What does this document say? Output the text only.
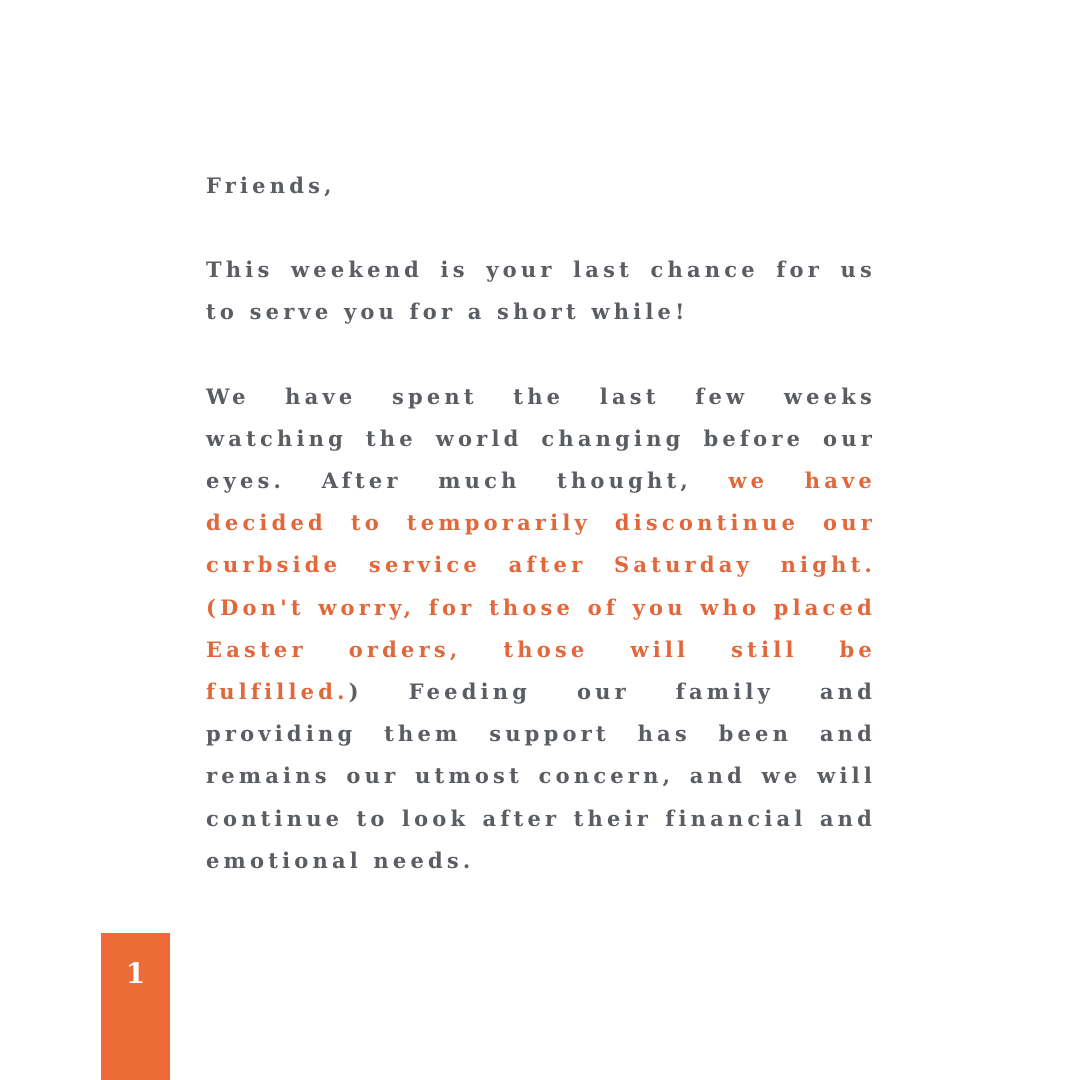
Friends,

This weekend is your last chance for us to serve you for a short while!

We have spent the last few weeks watching the world changing before our eyes. After much thought, we have decided to temporarily discontinue our curbside service after Saturday night. (Don't worry, for those of you who placed Easter orders, those will still be fulfilled.) Feeding our family and providing them support has been and remains our utmost concern, and we will continue to look after their financial and emotional needs.

1
